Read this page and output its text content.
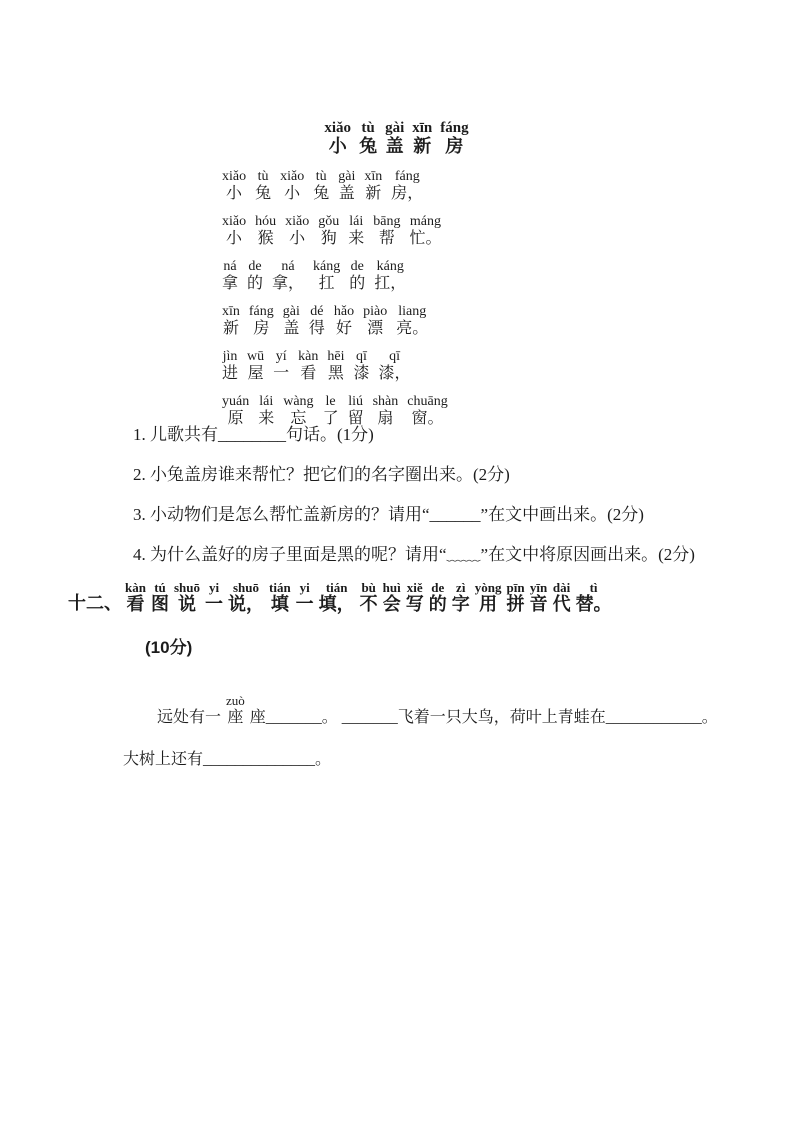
xiǎo
小
tù
兔
gài
盖
xīn
新
fáng
房
xiǎo
小
tù
兔
xiǎo
小
tù
兔
gài
盖
xīn
新
fáng
房，
xiǎo
小
hóu
猴
xiǎo
小
gǒu
狗
lái
来
bāng
帮
máng
忙。
ná
拿
de
的
ná
拿，
káng
扛
de
的
káng
扛，
xīn
新
fáng
房
gài
盖
dé
得
hǎo
好
piào
漂
liang
亮。
jìn
进
wū
屋
yí
一
kàn
看
hēi
黑
qī
漆
qī
漆，
yuán
原
lái
来
wàng
忘
le
了
liú
留
shàn
扇
chuāng
窗。
1. 儿歌共有________句话。(1分)
2. 小兔盖房谁来帮忙？把它们的名字圈出来。(2分)
3. 小动物们是怎么帮忙盖新房的？请用“______”在文中画出来。(2分)
4. 为什么盖好的房子里面是黑的呢？请用“﹏﹏”在文中将原因画出来。(2分)
十二、
kàn
看
tú
图
shuō
说
yi
一
shuō
说，
tián
填
yi
一
tián
填，
bù
不
huì
会
xiě
写
de
的
zì
字
yòng
用
pīn
拼
yīn
音
dài
代
tì
替。
(10分)
远处有一
zuò
座 座_______。 _______飞着一只大鸟，荷叶上青蛙在____________。
大树上还有______________。
